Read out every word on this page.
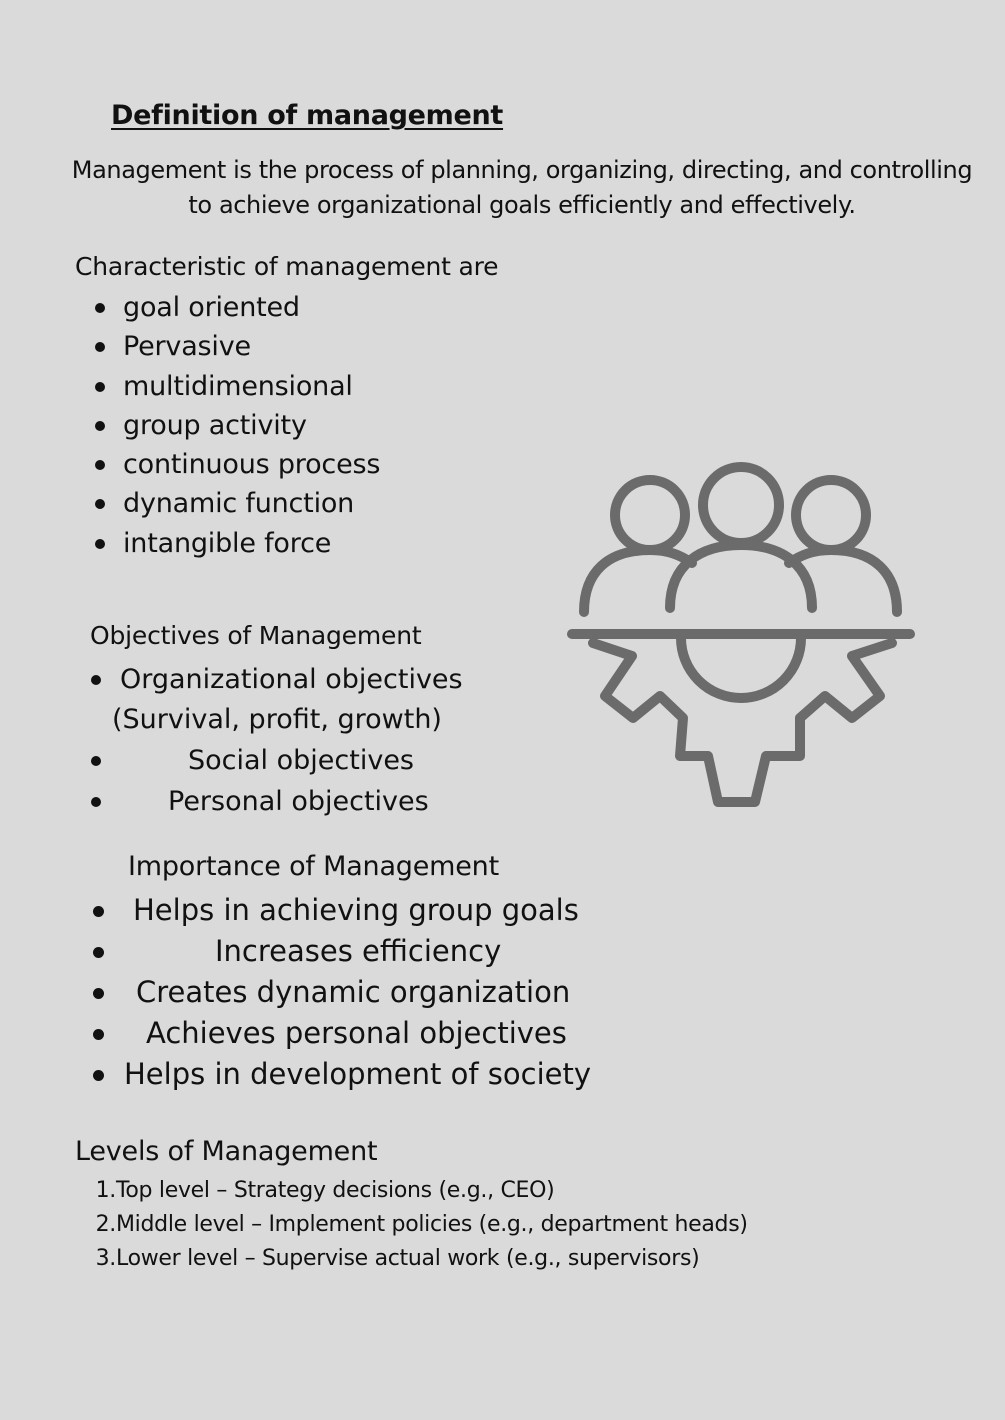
Definition of management

Management is the process of planning, organizing, directing, and controlling to achieve organizational goals efficiently and effectively.

Characteristic of management are
goal oriented
Pervasive
multidimensional
group activity
continuous process
dynamic function
intangible force
Objectives of Management
Organizational objectives
(Survival, profit, growth)
Social objectives
Personal objectives
Importance of Management
Helps in achieving group goals
Increases efficiency
Creates dynamic organization
Achieves personal objectives
Helps in development of society
Levels of Management
1.Top level – Strategy decisions (e.g., CEO)
2.Middle level – Implement policies (e.g., department heads)
3.Lower level – Supervise actual work (e.g., supervisors)
